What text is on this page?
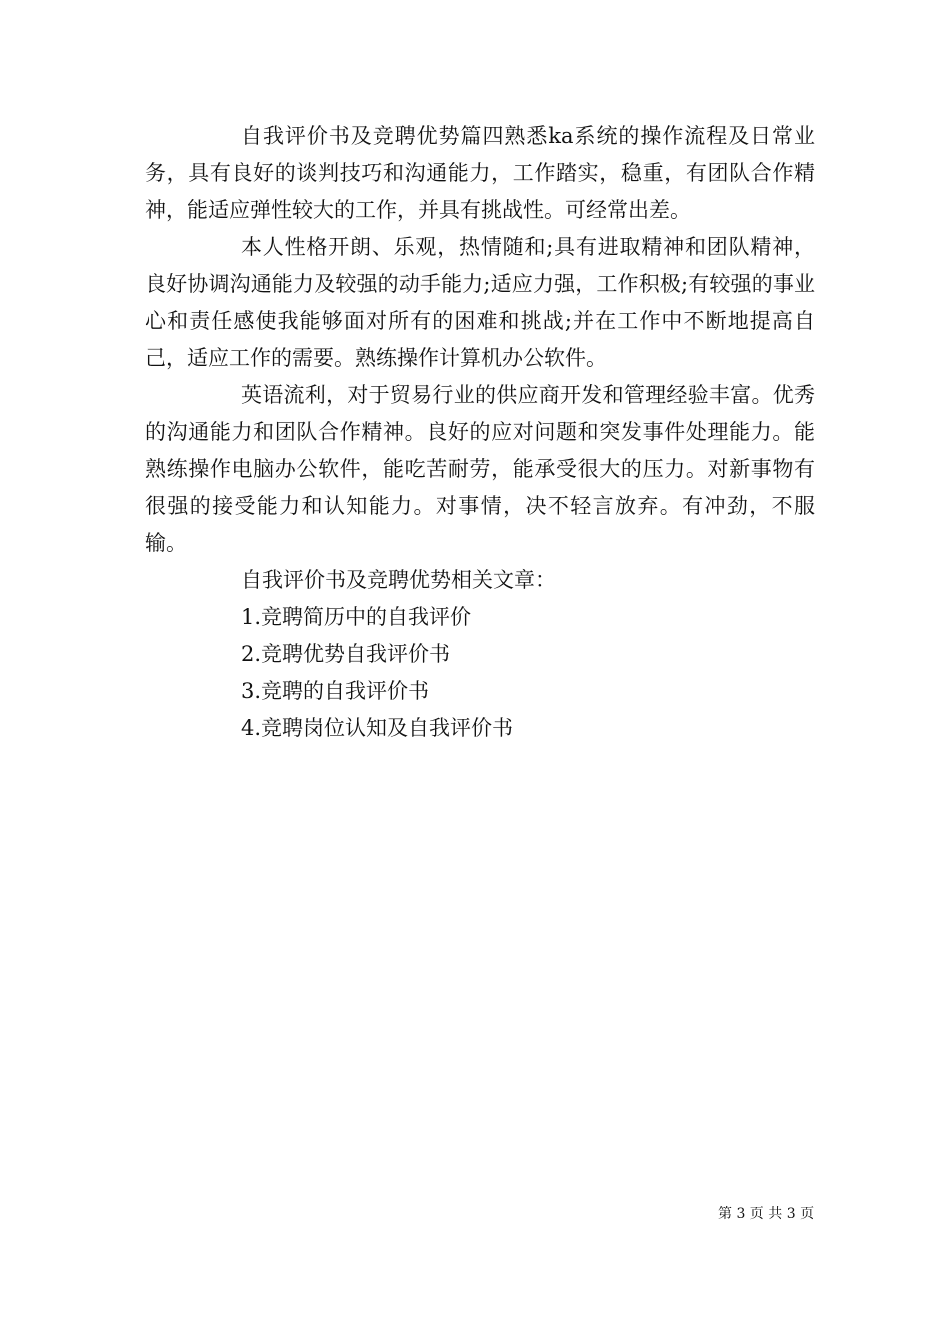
自我评价书及竞聘优势篇四熟悉ka系统的操作流程及日常业务，具有良好的谈判技巧和沟通能力，工作踏实，稳重，有团队合作精神，能适应弹性较大的工作，并具有挑战性。可经常出差。

本人性格开朗、乐观，热情随和;具有进取精神和团队精神，良好协调沟通能力及较强的动手能力;适应力强，工作积极;有较强的事业心和责任感使我能够面对所有的困难和挑战;并在工作中不断地提高自己，适应工作的需要。熟练操作计算机办公软件。

英语流利，对于贸易行业的供应商开发和管理经验丰富。优秀的沟通能力和团队合作精神。良好的应对问题和突发事件处理能力。能熟练操作电脑办公软件，能吃苦耐劳，能承受很大的压力。对新事物有很强的接受能力和认知能力。对事情，决不轻言放弃。有冲劲，不服输。

自我评价书及竞聘优势相关文章：

1.竞聘简历中的自我评价

2.竞聘优势自我评价书

3.竞聘的自我评价书

4.竞聘岗位认知及自我评价书

第 3 页 共 3 页
